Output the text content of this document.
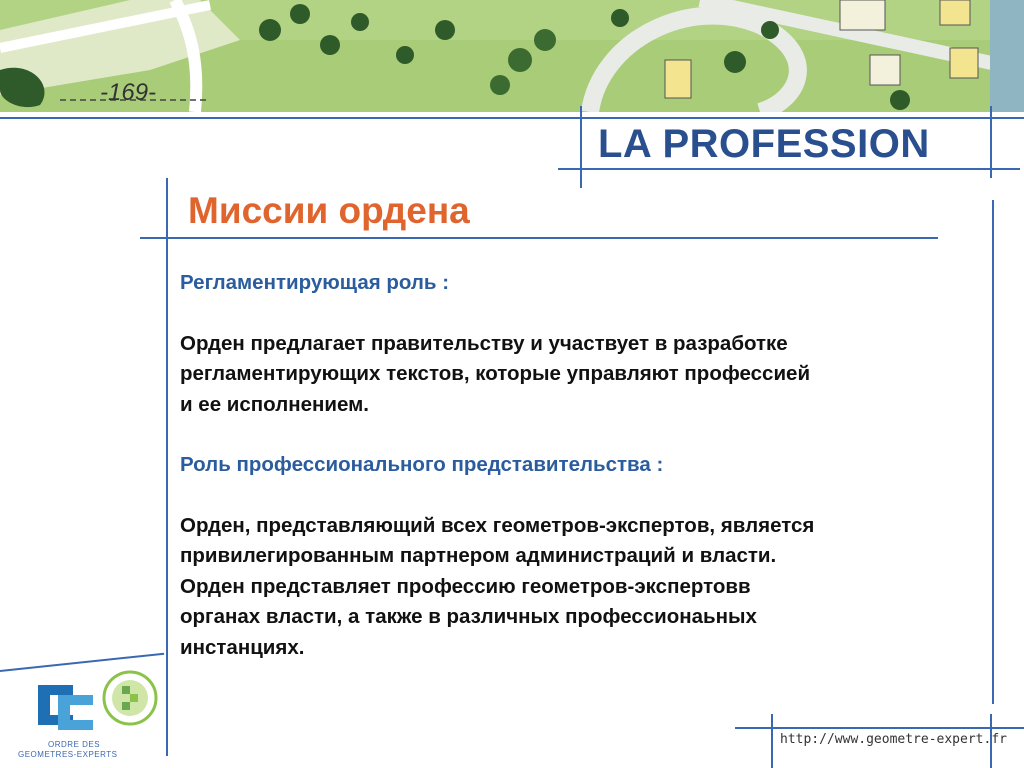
-169-
LA PROFESSION
Миссии ордена

Регламентирующая роль :

Орден предлагает правительству и участвует в разработке
регламентирующих текстов, которые управляют профессией
и ее исполнением.

Роль профессионального представительства :

Орден, представляющий всех геометров-экспертов, является
привилегированным партнером администраций и власти.
Орден представляет профессию геометров-экспертовв
органах власти, а также в различных профессионаьных
инстанциях.

ORDRE DES
GEOMETRES-EXPERTS
http://www.geometre-expert.fr
